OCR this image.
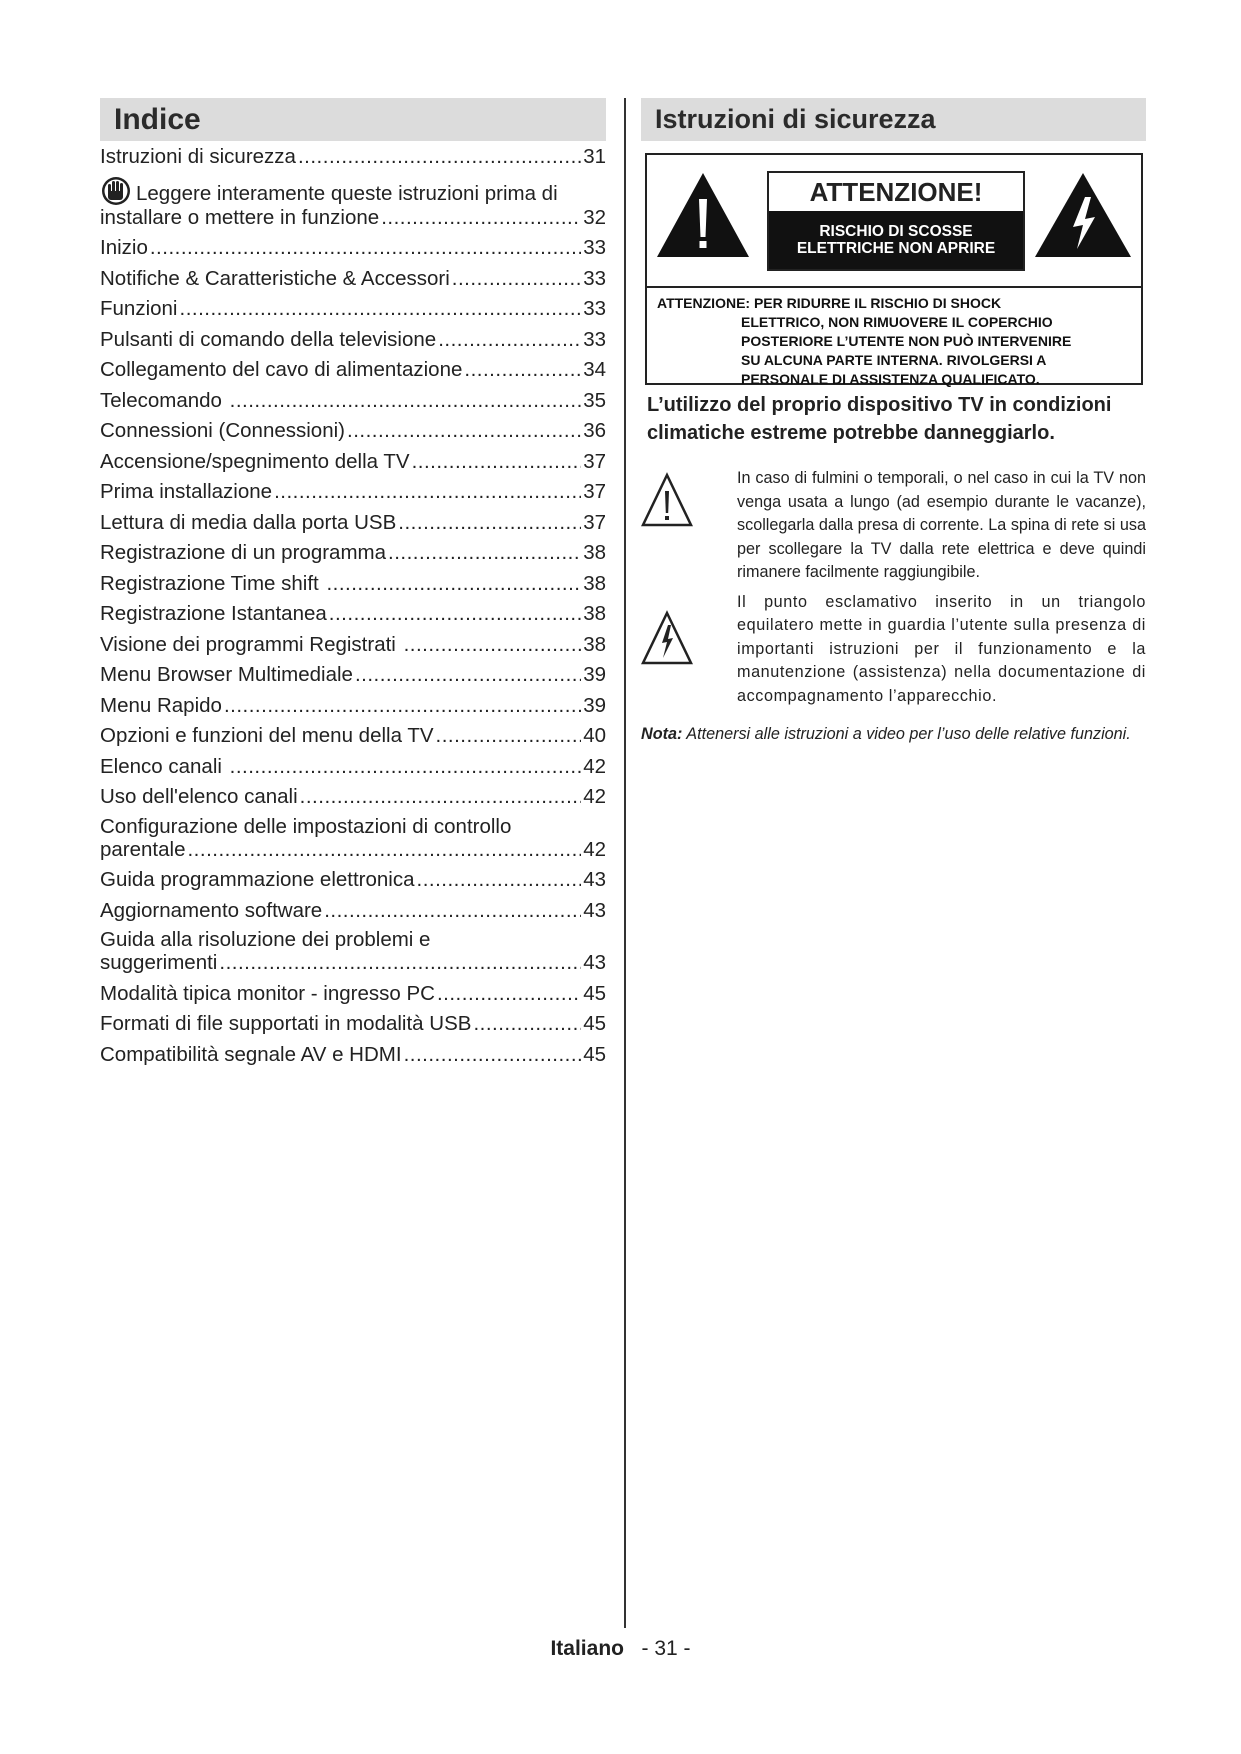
Indice
Istruzioni di sicurezza .....	31
Leggere interamente queste istruzioni prima di
installare o mettere in funzione .....	32
Inizio .....	33
Notifiche & Caratteristiche & Accessori .....	33
Funzioni .....	33
Pulsanti di comando della televisione .....	33
Collegamento del cavo di alimentazione .....	34
Telecomando .....	35
Connessioni (Connessioni) .....	36
Accensione/spegnimento della TV .....	37
Prima installazione .....	37
Lettura di media dalla porta USB .....	37
Registrazione di un programma .....	38
Registrazione Time shift .....	38
Registrazione Istantanea .....	38
Visione dei programmi Registrati .....	38
Menu Browser Multimediale .....	39
Menu Rapido .....	39
Opzioni e funzioni del menu della TV .....	40
Elenco canali .....	42
Uso dell'elenco canali .....	42
Configurazione delle impostazioni di controllo
parentale .....	42
Guida programmazione elettronica .....	43
Aggiornamento software .....	43
Guida alla risoluzione dei problemi e
suggerimenti .....	43
Modalità tipica monitor - ingresso PC .....	45
Formati di file supportati in modalità USB .....	45
Compatibilità segnale AV e HDMI .....	45
Istruzioni di sicurezza
ATTENZIONE!
RISCHIO DI SCOSSE
ELETTRICHE NON APRIRE
ATTENZIONE: PER RIDURRE IL RISCHIO DI SHOCK
ELETTRICO, NON RIMUOVERE IL COPERCHIO
POSTERIORE L’UTENTE NON PUÒ INTERVENIRE
SU ALCUNA PARTE INTERNA. RIVOLGERSI A
PERSONALE DI ASSISTENZA QUALIFICATO.
L’utilizzo del proprio dispositivo TV in condizioni climatiche estreme potrebbe danneggiarlo.
In caso di fulmini o temporali, o nel caso in cui la TV non venga usata a lungo (ad esempio durante le vacanze), scollegarla dalla presa di corrente. La spina di rete si usa per scollegare la TV dalla rete elettrica e deve quindi rimanere facilmente raggiungibile.
Il punto esclamativo inserito in un triangolo equilatero mette in guardia l’utente sulla presenza di importanti istruzioni per il funzionamento e la manutenzione (assistenza) nella documentazione di accompagnamento l’apparecchio.
Nota: Attenersi alle istruzioni a video per l’uso delle relative funzioni.
Italiano - 31 -
